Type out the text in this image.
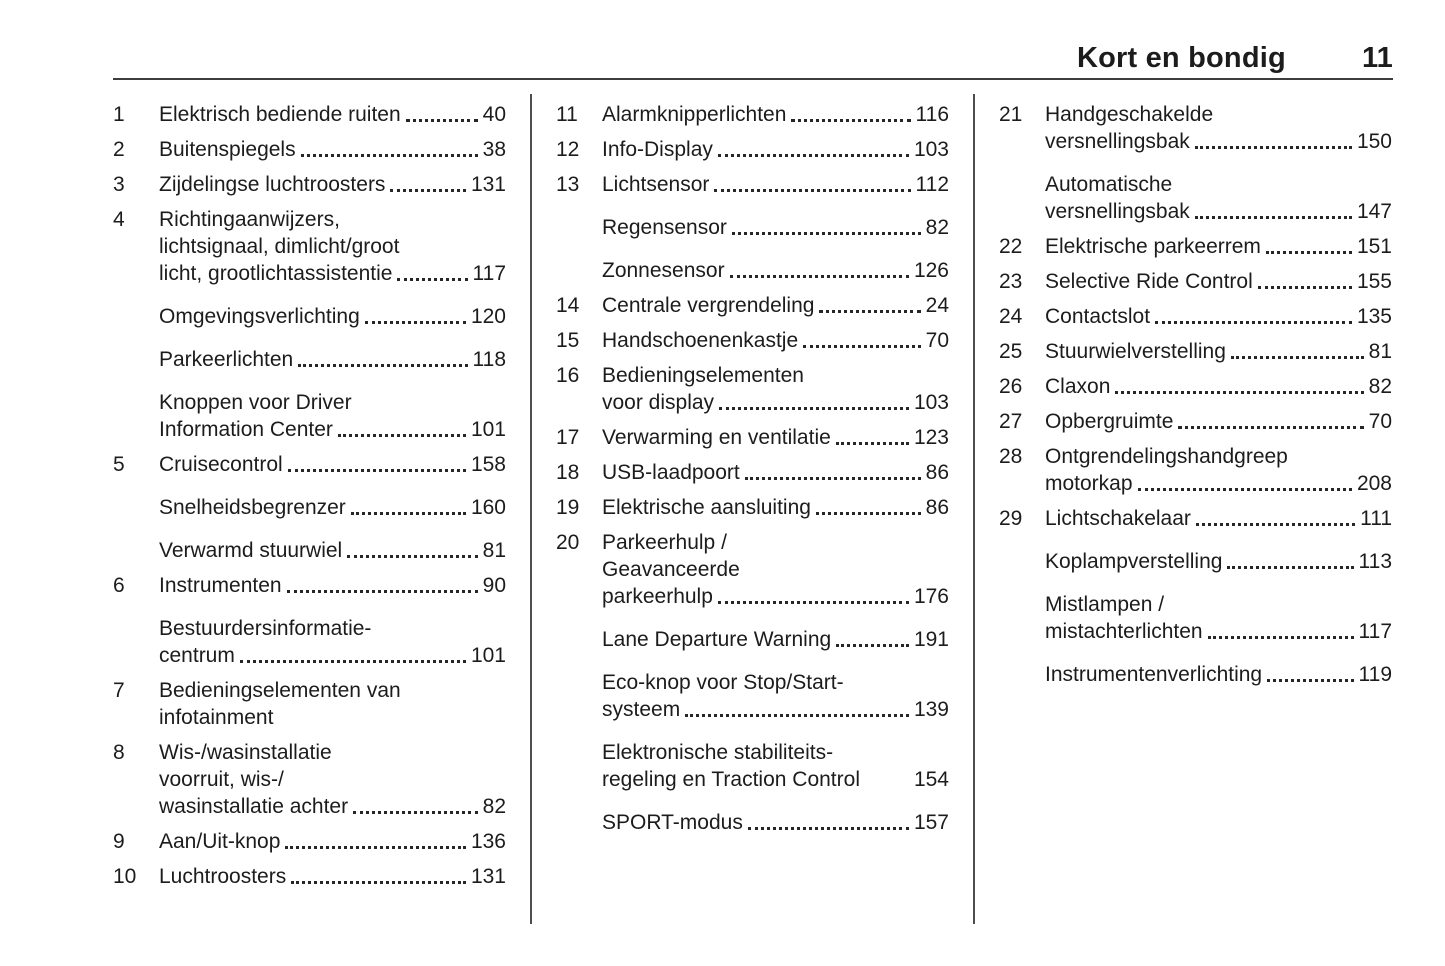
Kort en bondig	11
1	Elektrisch bediende ruiten	40
2	Buitenspiegels	38
3	Zijdelingse luchtroosters	131
4	Richtingaanwijzers,
lichtsignaal, dimlicht/groot
licht, grootlichtassistentie	117
Omgevingsverlichting	120
Parkeerlichten	118
Knoppen voor Driver
Information Center	101
5	Cruisecontrol	158
Snelheidsbegrenzer	160
Verwarmd stuurwiel	81
6	Instrumenten	90
Bestuurdersinformatie-
centrum	101
7	Bedieningselementen van
infotainment
8	Wis-/wasinstallatie
voorruit, wis-/
wasinstallatie achter	82
9	Aan/Uit-knop	136
10	Luchtroosters	131
11	Alarmknipperlichten	116
12	Info-Display	103
13	Lichtsensor	112
Regensensor	82
Zonnesensor	126
14	Centrale vergrendeling	24
15	Handschoenenkastje	70
16	Bedieningselementen
voor display	103
17	Verwarming en ventilatie	123
18	USB-laadpoort	86
19	Elektrische aansluiting	86
20	Parkeerhulp /
Geavanceerde
parkeerhulp	176
Lane Departure Warning	191
Eco-knop voor Stop/Start-
systeem	139
Elektronische stabiliteits-
regeling en Traction Control	154
SPORT-modus	157
21	Handgeschakelde
versnellingsbak	150
Automatische
versnellingsbak	147
22	Elektrische parkeerrem	151
23	Selective Ride Control	155
24	Contactslot	135
25	Stuurwielverstelling	81
26	Claxon	82
27	Opbergruimte	70
28	Ontgrendelingshandgreep
motorkap	208
29	Lichtschakelaar	111
Koplampverstelling	113
Mistlampen /
mistachterlichten	117
Instrumentenverlichting	119
